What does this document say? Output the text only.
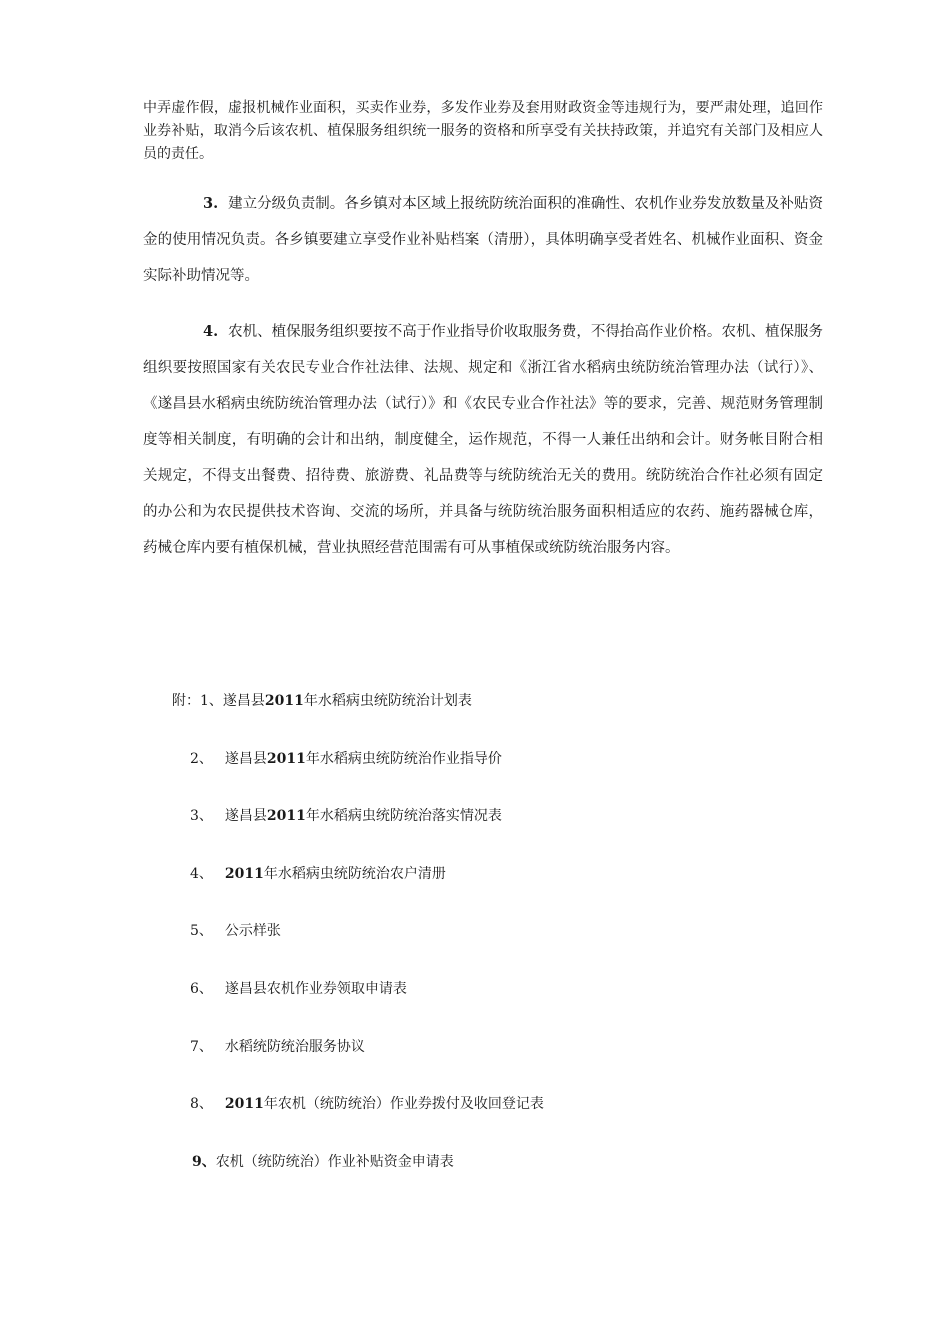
中弄虚作假，虚报机械作业面积，买卖作业券，多发作业券及套用财政资金等违规行为，要严肃处理，追回作业券补贴，取消今后该农机、植保服务组织统一服务的资格和所享受有关扶持政策，并追究有关部门及相应人员的责任。

3. 建立分级负责制。各乡镇对本区域上报统防统治面积的准确性、农机作业券发放数量及补贴资金的使用情况负责。各乡镇要建立享受作业补贴档案（清册），具体明确享受者姓名、机械作业面积、资金实际补助情况等。

4. 农机、植保服务组织要按不高于作业指导价收取服务费，不得抬高作业价格。农机、植保服务组织要按照国家有关农民专业合作社法律、法规、规定和《浙江省水稻病虫统防统治管理办法（试行）》、《遂昌县水稻病虫统防统治管理办法（试行）》和《农民专业合作社法》等的要求，完善、规范财务管理制度等相关制度，有明确的会计和出纳，制度健全，运作规范，不得一人兼任出纳和会计。财务帐目附合相关规定，不得支出餐费、招待费、旅游费、礼品费等与统防统治无关的费用。统防统治合作社必须有固定的办公和为农民提供技术咨询、交流的场所，并具备与统防统治服务面积相适应的农药、施药器械仓库，药械仓库内要有植保机械，营业执照经营范围需有可从事植保或统防统治服务内容。

附：1、遂昌县2011年水稻病虫统防统治计划表

2、 遂昌县2011年水稻病虫统防统治作业指导价

3、 遂昌县2011年水稻病虫统防统治落实情况表

4、 2011年水稻病虫统防统治农户清册

5、 公示样张

6、 遂昌县农机作业券领取申请表

7、 水稻统防统治服务协议

8、 2011年农机（统防统治）作业券拨付及收回登记表

9、农机（统防统治）作业补贴资金申请表
